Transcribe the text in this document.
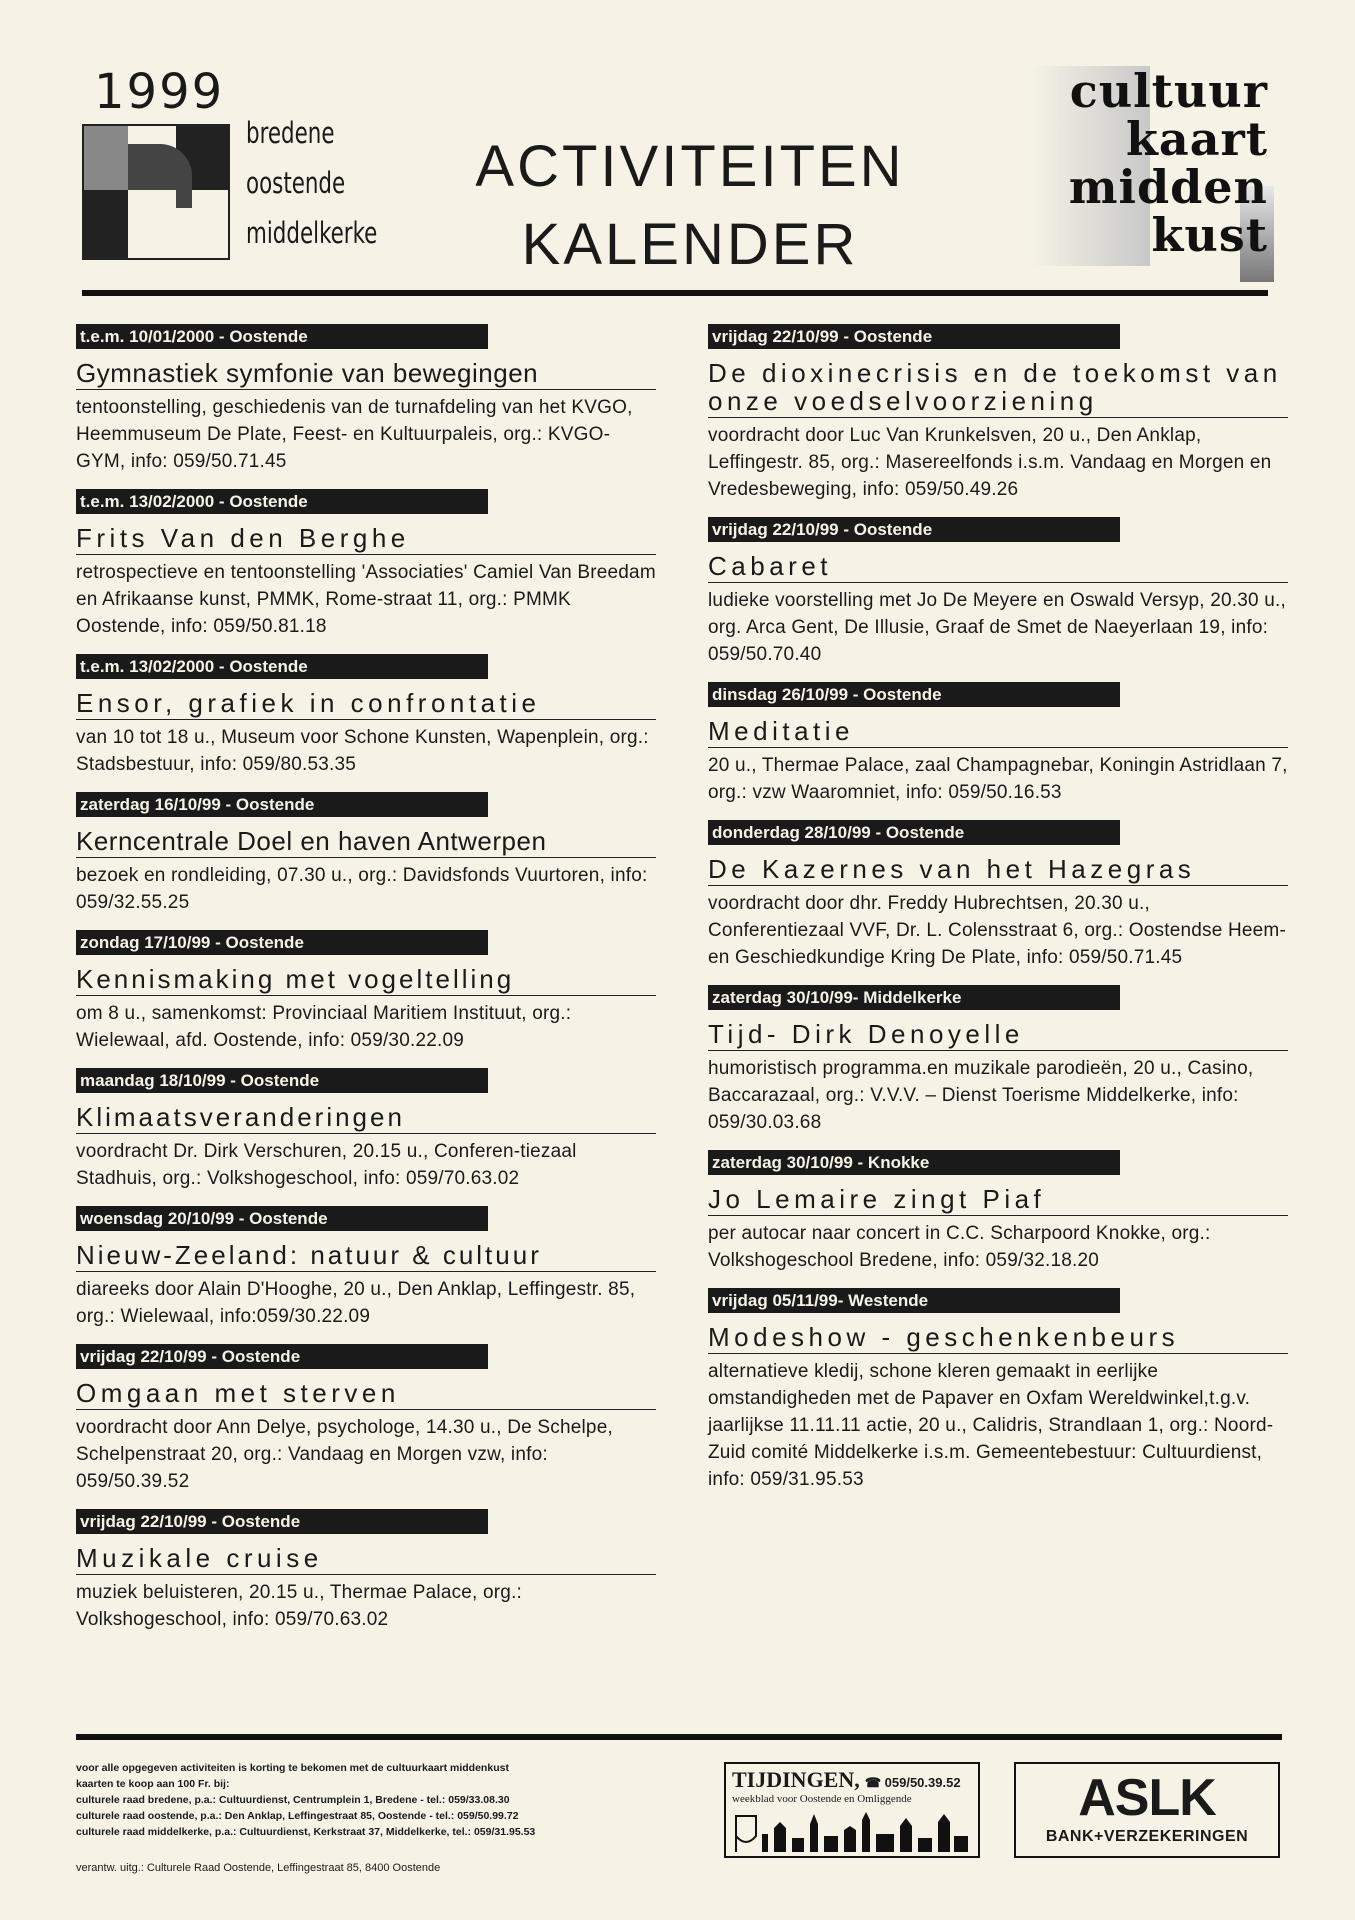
1999
bredene
oostende
middelkerke
ACTIVITEITEN
KALENDER
cultuur
kaart
midden
kust
t.e.m. 10/01/2000 - Oostende
Gymnastiek symfonie van bewegingen
tentoonstelling, geschiedenis van de turnafdeling van het KVGO, Heemmuseum De Plate, Feest- en Kultuurpaleis, org.: KVGO-GYM, info: 059/50.71.45
t.e.m. 13/02/2000 - Oostende
Frits Van den Berghe
retrospectieve en tentoonstelling 'Associaties' Camiel Van Breedam en Afrikaanse kunst, PMMK, Rome-straat 11, org.: PMMK Oostende, info: 059/50.81.18
t.e.m. 13/02/2000 - Oostende
Ensor, grafiek in confrontatie
van 10 tot 18 u., Museum voor Schone Kunsten, Wapenplein, org.: Stadsbestuur, info: 059/80.53.35
zaterdag 16/10/99 - Oostende
Kerncentrale Doel en haven Antwerpen
bezoek en rondleiding, 07.30 u., org.: Davidsfonds Vuurtoren, info: 059/32.55.25
zondag 17/10/99 - Oostende
Kennismaking met vogeltelling
om 8 u., samenkomst: Provinciaal Maritiem Instituut, org.: Wielewaal, afd. Oostende, info: 059/30.22.09
maandag 18/10/99 - Oostende
Klimaatsveranderingen
voordracht Dr. Dirk Verschuren, 20.15 u., Conferen-tiezaal Stadhuis, org.: Volkshogeschool, info: 059/70.63.02
woensdag 20/10/99 - Oostende
Nieuw-Zeeland: natuur & cultuur
diareeks door Alain D'Hooghe, 20 u., Den Anklap, Leffingestr. 85, org.: Wielewaal, info:059/30.22.09
vrijdag 22/10/99 - Oostende
Omgaan met sterven
voordracht door Ann Delye, psychologe, 14.30 u., De Schelpe, Schelpenstraat 20, org.: Vandaag en Morgen vzw, info: 059/50.39.52
vrijdag 22/10/99 - Oostende
Muzikale cruise
muziek beluisteren, 20.15 u., Thermae Palace, org.: Volkshogeschool, info: 059/70.63.02
vrijdag 22/10/99 - Oostende
De dioxinecrisis en de toekomst van onze voedselvoorziening
voordracht door Luc Van Krunkelsven, 20 u., Den Anklap, Leffingestr. 85, org.: Masereelfonds i.s.m. Vandaag en Morgen en Vredesbeweging, info: 059/50.49.26
vrijdag 22/10/99 - Oostende
Cabaret
ludieke voorstelling met Jo De Meyere en Oswald Versyp, 20.30 u., org. Arca Gent, De Illusie, Graaf de Smet de Naeyerlaan 19, info: 059/50.70.40
dinsdag 26/10/99 - Oostende
Meditatie
20 u., Thermae Palace, zaal Champagnebar, Koningin Astridlaan 7, org.: vzw Waaromniet, info: 059/50.16.53
donderdag 28/10/99 - Oostende
De Kazernes van het Hazegras
voordracht door dhr. Freddy Hubrechtsen, 20.30 u., Conferentiezaal VVF, Dr. L. Colensstraat 6, org.: Oostendse Heem- en Geschiedkundige Kring De Plate, info: 059/50.71.45
zaterdag 30/10/99- Middelkerke
Tijd- Dirk Denoyelle
humoristisch programma.en muzikale parodieën, 20 u., Casino, Baccarazaal, org.: V.V.V. – Dienst Toerisme Middelkerke, info: 059/30.03.68
zaterdag 30/10/99 - Knokke
Jo Lemaire zingt Piaf
per autocar naar concert in C.C. Scharpoord Knokke, org.: Volkshogeschool Bredene, info: 059/32.18.20
vrijdag 05/11/99- Westende
Modeshow - geschenkenbeurs
alternatieve kledij, schone kleren gemaakt in eerlijke omstandigheden met de Papaver en Oxfam Wereldwinkel,t.g.v. jaarlijkse 11.11.11 actie, 20 u., Calidris, Strandlaan 1, org.: Noord-Zuid comité Middelkerke i.s.m. Gemeentebestuur: Cultuurdienst, info: 059/31.95.53
voor alle opgegeven activiteiten is korting te bekomen met de cultuurkaart middenkust
kaarten te koop aan 100 Fr. bij:
culturele raad bredene, p.a.: Cultuurdienst, Centrumplein 1, Bredene - tel.: 059/33.08.30
culturele raad oostende, p.a.: Den Anklap, Leffingestraat 85, Oostende - tel.: 059/50.99.72
culturele raad middelkerke, p.a.: Cultuurdienst, Kerkstraat 37, Middelkerke, tel.: 059/31.95.53
verantw. uitg.: Culturele Raad Oostende, Leffingestraat 85, 8400 Oostende
TIJDINGEN, ☎ 059/50.39.52
weekblad voor Oostende en Omliggende	ASLK
BANK+VERZEKERINGEN
